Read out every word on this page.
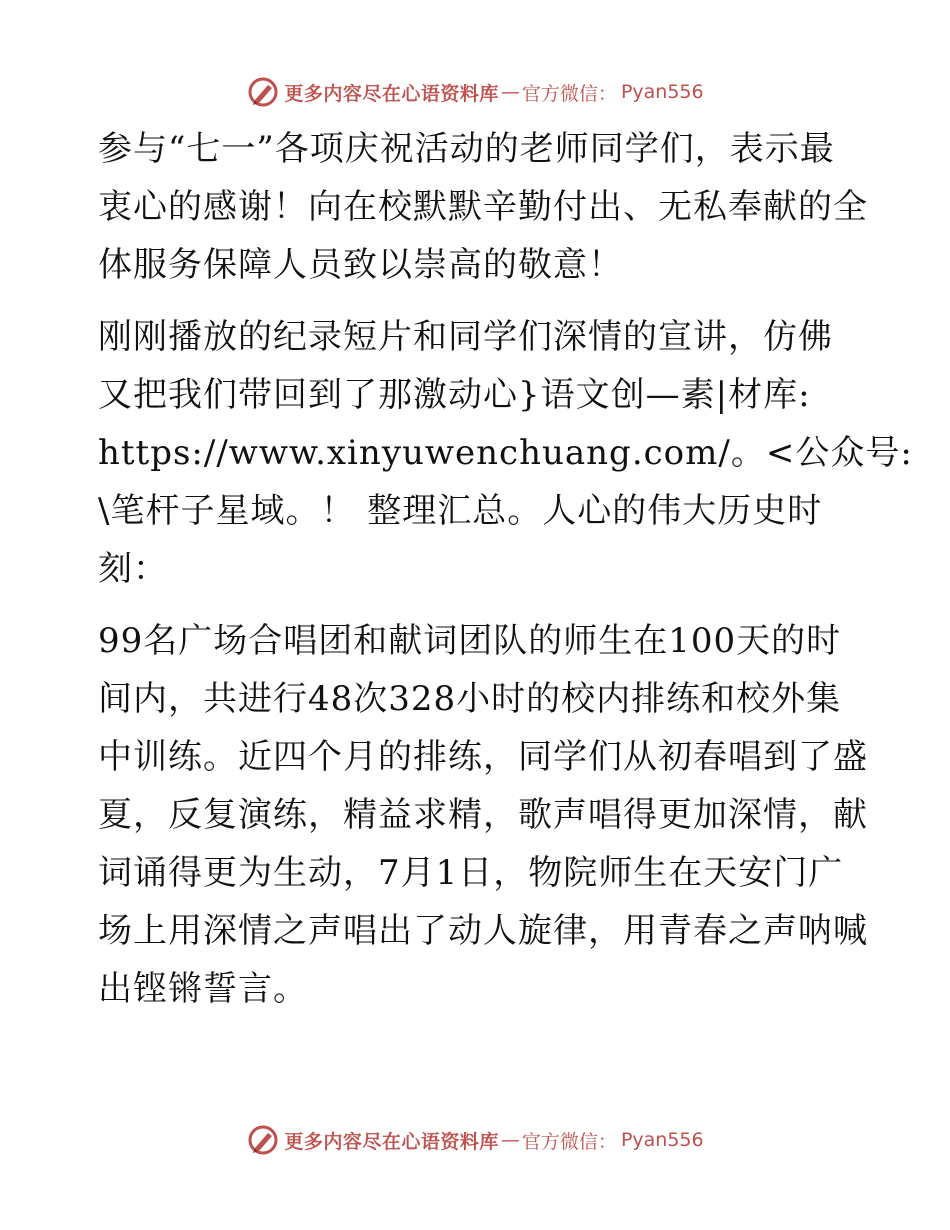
更多内容尽在心语资料库 — 官方微信： Pyan556

参与“七一”各项庆祝活动的老师同学们，表示最
衷心的感谢！向在校默默辛勤付出、无私奉献的全
体服务保障人员致以崇高的敬意！

刚刚播放的纪录短片和同学们深情的宣讲，仿佛
又把我们带回到了那激动心}语文创—素|材库:
https://www.xinyuwenchuang.com/。<公众号:
\笔杆子星域。！ 整理汇总。人心的伟大历史时
刻：

99名广场合唱团和献词团队的师生在100天的时
间内，共进行48次328小时的校内排练和校外集
中训练。近四个月的排练，同学们从初春唱到了盛
夏，反复演练，精益求精，歌声唱得更加深情，献
词诵得更为生动，7月1日，物院师生在天安门广
场上用深情之声唱出了动人旋律，用青春之声呐喊
出铿锵誓言。

更多内容尽在心语资料库 — 官方微信： Pyan556
